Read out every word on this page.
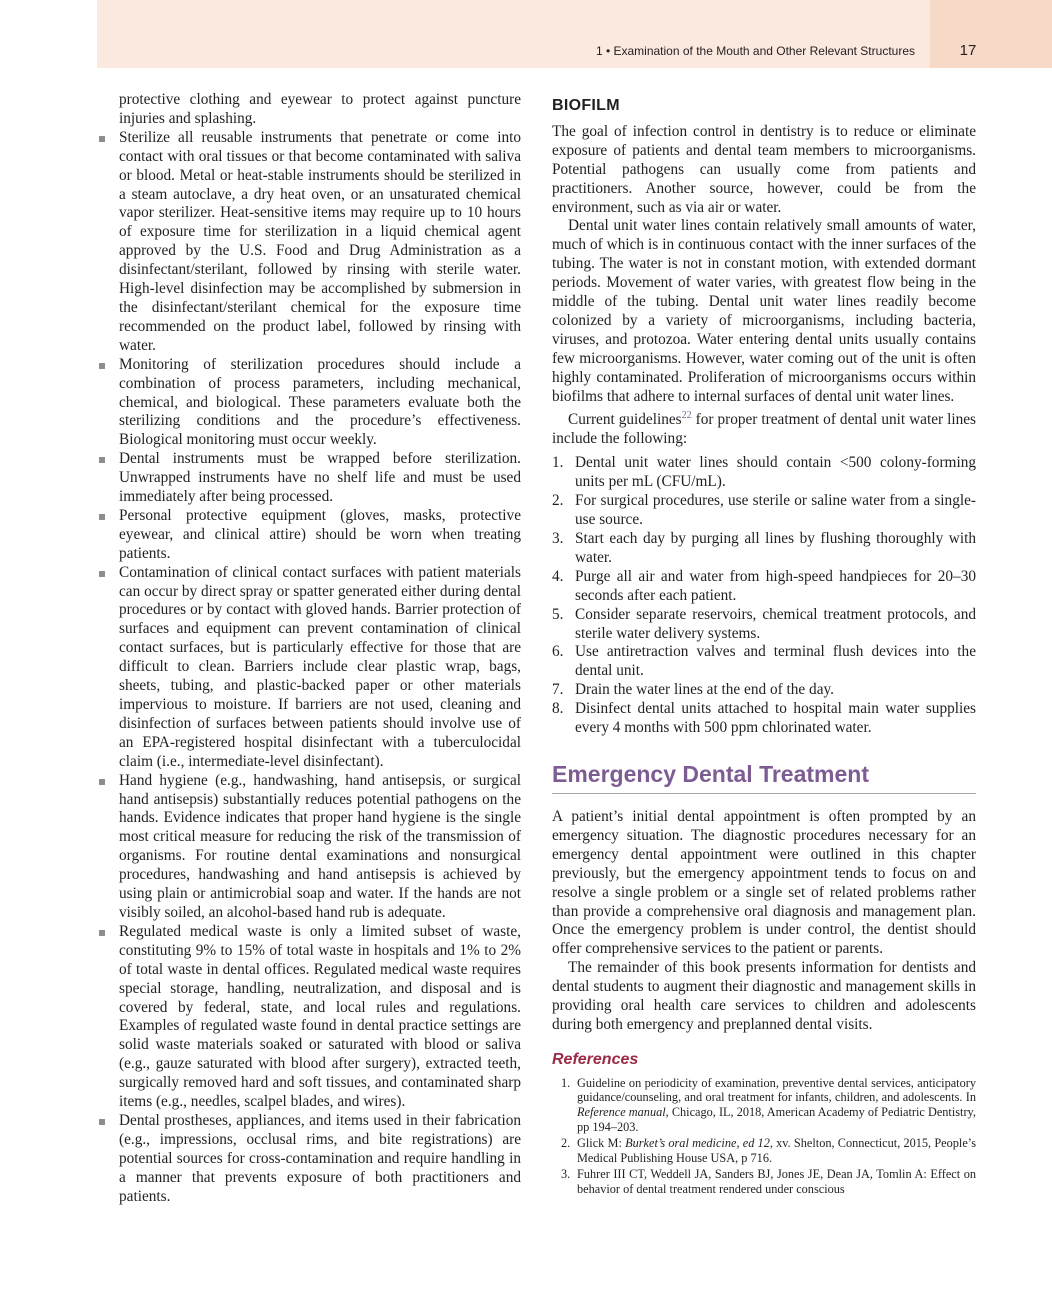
1 • Examination of the Mouth and Other Relevant Structures	17

protective clothing and eyewear to protect against puncture injuries and splashing.

Sterilize all reusable instruments that penetrate or come into contact with oral tissues or that become contaminated with saliva or blood. Metal or heat-stable instruments should be sterilized in a steam autoclave, a dry heat oven, or an unsaturated chemical vapor sterilizer. Heat-sensitive items may require up to 10 hours of exposure time for sterilization in a liquid chemical agent approved by the U.S. Food and Drug Administration as a disinfectant/sterilant, followed by rinsing with sterile water. High-level disinfection may be accomplished by submersion in the disinfectant/sterilant chemical for the exposure time recommended on the product label, followed by rinsing with water.
Monitoring of sterilization procedures should include a combination of process parameters, including mechanical, chemical, and biological. These parameters evaluate both the sterilizing conditions and the procedure’s effectiveness. Biological monitoring must occur weekly.
Dental instruments must be wrapped before sterilization. Unwrapped instruments have no shelf life and must be used immediately after being processed.
Personal protective equipment (gloves, masks, protective eyewear, and clinical attire) should be worn when treating patients.
Contamination of clinical contact surfaces with patient materials can occur by direct spray or spatter generated either during dental procedures or by contact with gloved hands. Barrier protection of surfaces and equipment can prevent contamination of clinical contact surfaces, but is particularly effective for those that are difficult to clean. Barriers include clear plastic wrap, bags, sheets, tubing, and plastic-backed paper or other materials impervious to moisture. If barriers are not used, cleaning and disinfection of surfaces between patients should involve use of an EPA-registered hospital disinfectant with a tuberculocidal claim (i.e., intermediate-level disinfectant).
Hand hygiene (e.g., handwashing, hand antisepsis, or surgical hand antisepsis) substantially reduces potential pathogens on the hands. Evidence indicates that proper hand hygiene is the single most critical measure for reducing the risk of the transmission of organisms. For routine dental examinations and nonsurgical procedures, handwashing and hand antisepsis is achieved by using plain or antimicrobial soap and water. If the hands are not visibly soiled, an alcohol-based hand rub is adequate.
Regulated medical waste is only a limited subset of waste, constituting 9% to 15% of total waste in hospitals and 1% to 2% of total waste in dental offices. Regulated medical waste requires special storage, handling, neutralization, and disposal and is covered by federal, state, and local rules and regulations. Examples of regulated waste found in dental practice settings are solid waste materials soaked or saturated with blood or saliva (e.g., gauze saturated with blood after surgery), extracted teeth, surgically removed hard and soft tissues, and contaminated sharp items (e.g., needles, scalpel blades, and wires).
Dental prostheses, appliances, and items used in their fabrication (e.g., impressions, occlusal rims, and bite registrations) are potential sources for cross-contamination and require handling in a manner that prevents exposure of both practitioners and patients.
BIOFILM

The goal of infection control in dentistry is to reduce or eliminate exposure of patients and dental team members to microorganisms. Potential pathogens can usually come from patients and practitioners. Another source, however, could be from the environment, such as via air or water.

Dental unit water lines contain relatively small amounts of water, much of which is in continuous contact with the inner surfaces of the tubing. The water is not in constant motion, with extended dormant periods. Movement of water varies, with greatest flow being in the middle of the tubing. Dental unit water lines readily become colonized by a variety of microorganisms, including bacteria, viruses, and protozoa. Water entering dental units usually contains few microorganisms. However, water coming out of the unit is often highly contaminated. Proliferation of microorganisms occurs within biofilms that adhere to internal surfaces of dental unit water lines.

Current guidelines$^{22}$ for proper treatment of dental unit water lines include the following:

1. Dental unit water lines should contain <500 colony-forming units per mL (CFU/mL).
2. For surgical procedures, use sterile or saline water from a single-use source.
3. Start each day by purging all lines by flushing thoroughly with water.
4. Purge all air and water from high-speed handpieces for 20–30 seconds after each patient.
5. Consider separate reservoirs, chemical treatment protocols, and sterile water delivery systems.
6. Use antiretraction valves and terminal flush devices into the dental unit.
7. Drain the water lines at the end of the day.
8. Disinfect dental units attached to hospital main water supplies every 4 months with 500 ppm chlorinated water.
Emergency Dental Treatment

A patient’s initial dental appointment is often prompted by an emergency situation. The diagnostic procedures necessary for an emergency dental appointment were outlined in this chapter previously, but the emergency appointment tends to focus on and resolve a single problem or a single set of related problems rather than provide a comprehensive oral diagnosis and management plan. Once the emergency problem is under control, the dentist should offer comprehensive services to the patient or parents.

The remainder of this book presents information for dentists and dental students to augment their diagnostic and management skills in providing oral health care services to children and adolescents during both emergency and preplanned dental visits.

References
1. Guideline on periodicity of examination, preventive dental services, anticipatory guidance/counseling, and oral treatment for infants, children, and adolescents. In Reference manual, Chicago, IL, 2018, American Academy of Pediatric Dentistry, pp 194–203.
2. Glick M: Burket’s oral medicine, ed 12, xv. Shelton, Connecticut, 2015, People’s Medical Publishing House USA, p 716.
3. Fuhrer III CT, Weddell JA, Sanders BJ, Jones JE, Dean JA, Tomlin A: Effect on behavior of dental treatment rendered under conscious
